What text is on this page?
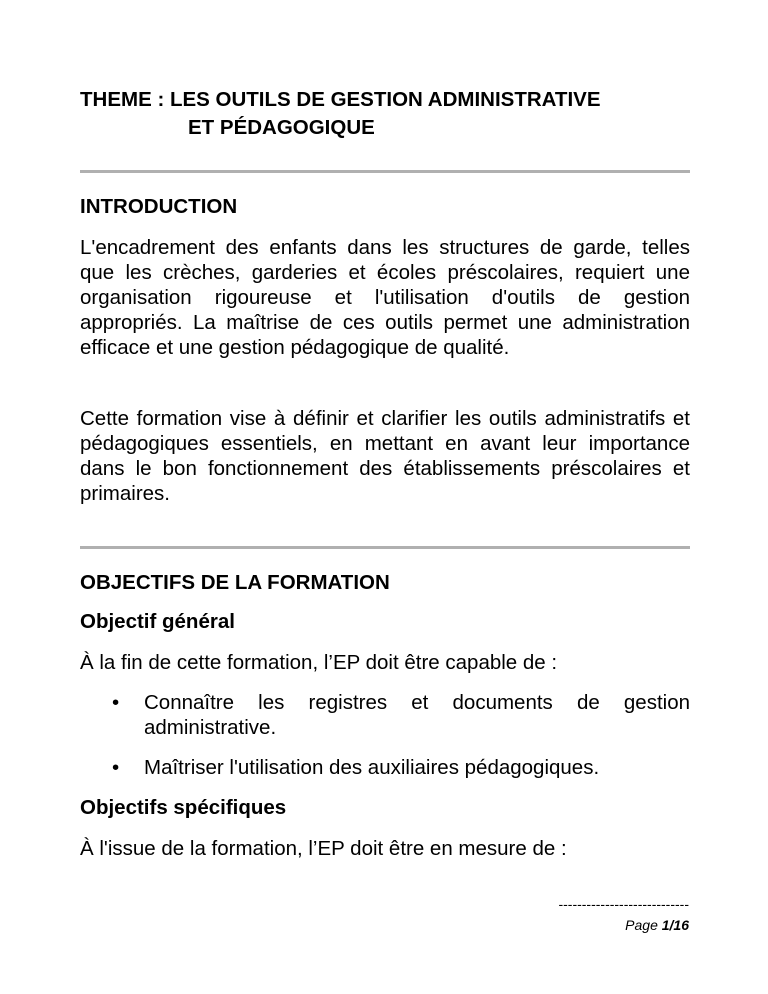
THEME : LES OUTILS DE GESTION ADMINISTRATIVE
ET PÉDAGOGIQUE
INTRODUCTION
L'encadrement des enfants dans les structures de garde, telles que les crèches, garderies et écoles préscolaires, requiert une organisation rigoureuse et l'utilisation d'outils de gestion appropriés. La maîtrise de ces outils permet une administration efficace et une gestion pédagogique de qualité.
Cette formation vise à définir et clarifier les outils administratifs et pédagogiques essentiels, en mettant en avant leur importance dans le bon fonctionnement des établissements préscolaires et primaires.
OBJECTIFS DE LA FORMATION
Objectif général
À la fin de cette formation, l’EP doit être capable de :
• Connaître les registres et documents de gestion administrative.
• Maîtriser l'utilisation des auxiliaires pédagogiques.
Objectifs spécifiques
À l'issue de la formation, l’EP doit être en mesure de :
----------------------------
Page 1/16
